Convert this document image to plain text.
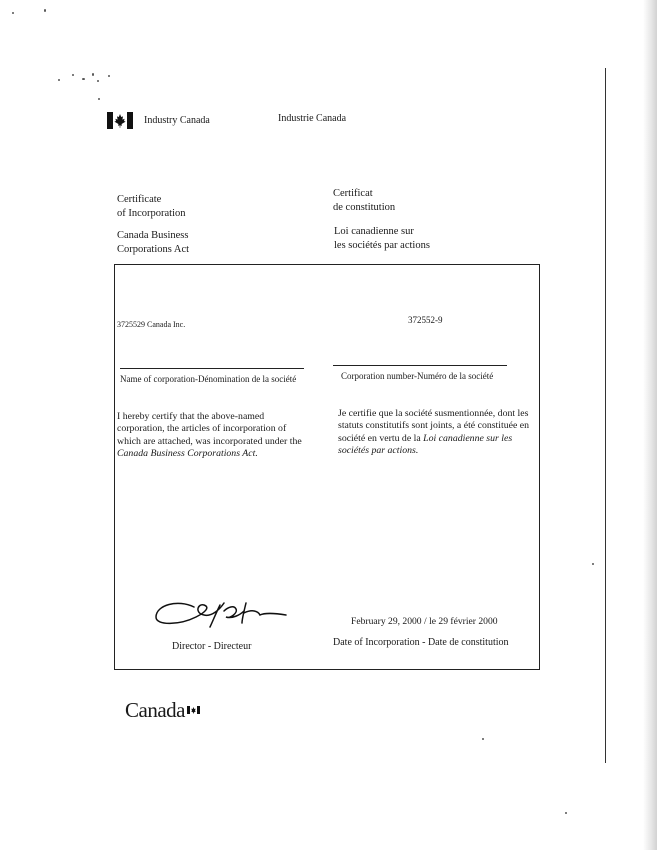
Industry Canada	Industrie Canada
Certificate
of Incorporation
Certificat
de constitution
Canada Business
Corporations Act
Loi canadienne sur
les sociétés par actions
3725529 Canada Inc.	372552-9
Name of corporation-Dénomination de la société	Corporation number-Numéro de la société
I hereby certify that the above-named corporation, the articles of incorporation of which are attached, was incorporated under the Canada Business Corporations Act.
Je certifie que la société susmentionnée, dont les statuts constitutifs sont joints, a été constituée en société en vertu de la Loi canadienne sur les sociétés par actions.
February 29, 2000 / le 29 février 2000
Director - Directeur	Date of Incorporation - Date de constitution
Canada
